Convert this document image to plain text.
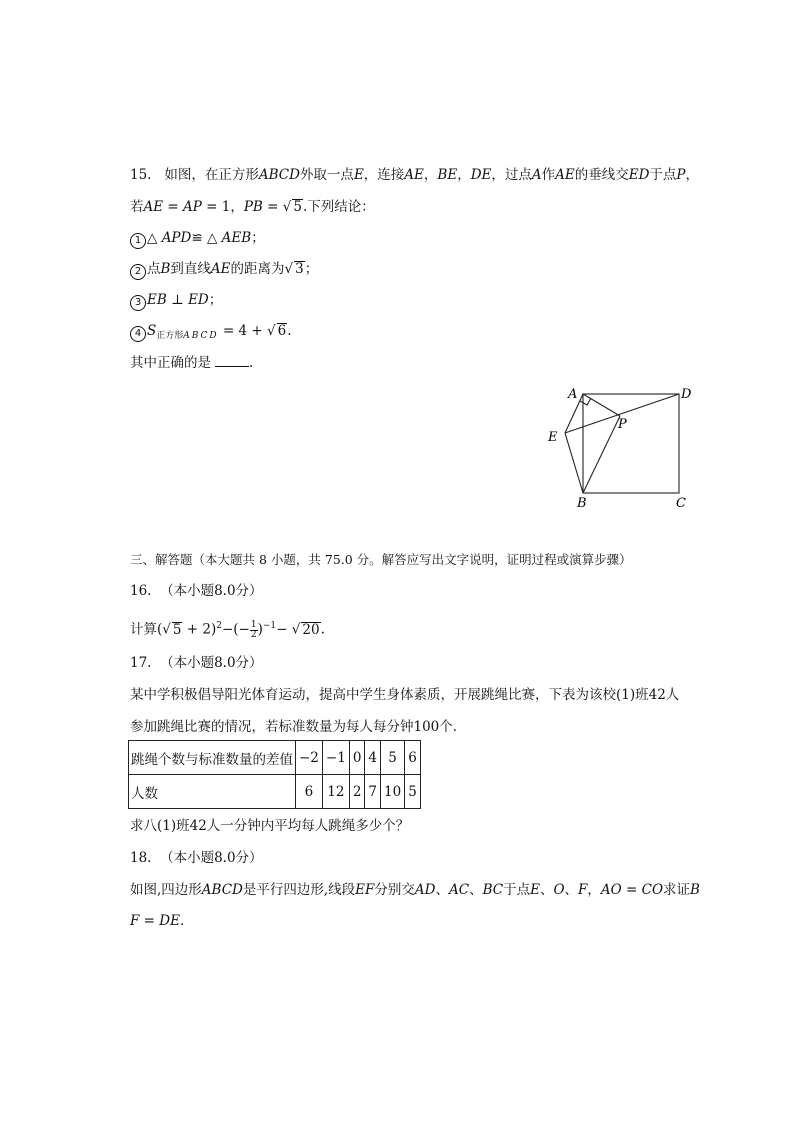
15. 如图，在正方形ABCD外取一点E，连接AE，BE，DE，过点A作AE的垂线交ED于点P，
若AE = AP = 1，PB = √ 5.下列结论：
1 △ APD≌ △ AEB；
2 点B到直线AE的距离为√ 3；
3 EB ⊥ ED；
4 $S_{正方形ABCD} = 4$ + √ 6.
其中正确的是	.
A	D
E
P
B	C
三、解答题（本大题共 8 小题，共 75.0 分。解答应写出文字说明，证明过程或演算步骤）
16. （本小题8.0分）
计算(√ $5 + 2)^2-(- \frac{1}{2} )^{-1}-$ √ 20.
17. （本小题8.0分）
某中学积极倡导阳光体育运动，提高中学生身体素质，开展跳绳比赛，下表为该校(1)班42人
参加跳绳比赛的情况，若标准数量为每人每分钟100个．
跳绳个数与标准数量的差值	−2	−1	0	4	5	6
人数	6	12	2	7	10	5
求八(1)班42人一分钟内平均每人跳绳多少个？
18. （本小题8.0分）
如图,四边形ABCD是平行四边形,线段EF分别交AD、AC、BC于点E、O、F，AO = CO求证B
F = DE.
